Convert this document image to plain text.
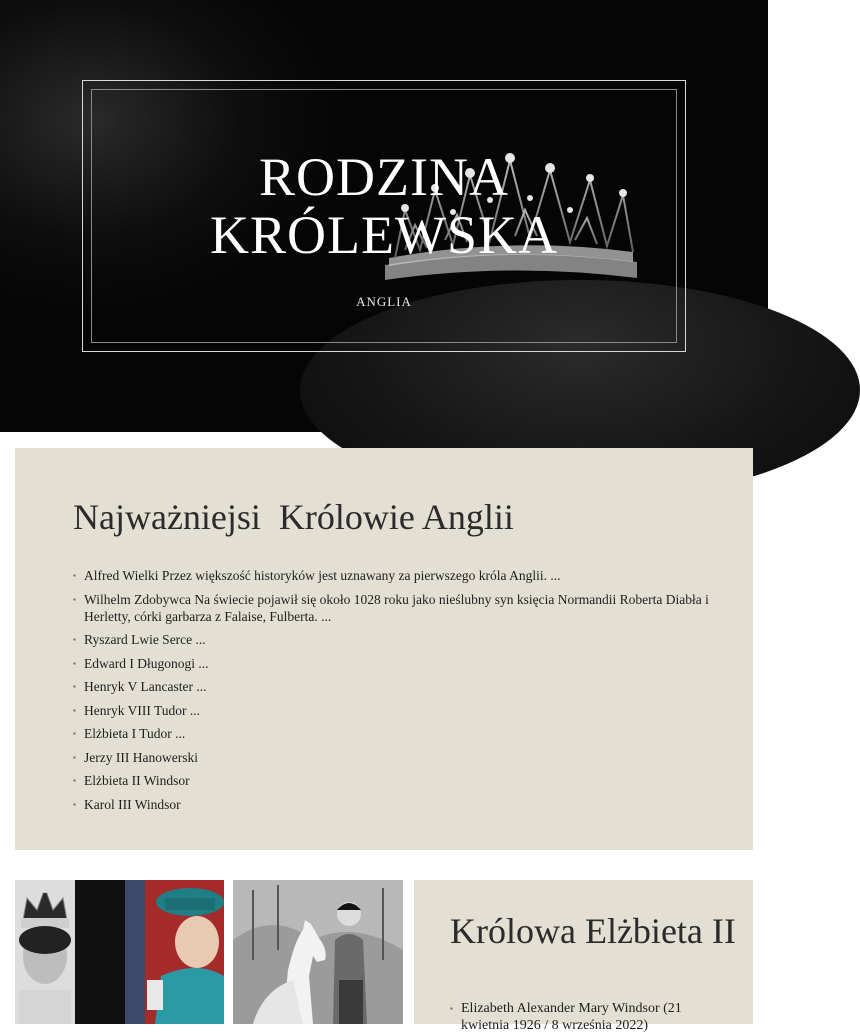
RODZINA
KRÓLEWSKA
ANGLIA
Najważniejsi  Królowie Anglii
▪ Alfred Wielki Przez większość historyków jest uznawany za pierwszego króla Anglii. ...
▪ Wilhelm Zdobywca Na świecie pojawił się około 1028 roku jako nieślubny syn księcia Normandii Roberta Diabła i Herletty, córki garbarza z Falaise, Fulberta. ...
▪ Ryszard Lwie Serce ...
▪ Edward I Długonogi ...
▪ Henryk V Lancaster ...
▪ Henryk VIII Tudor ...
▪ Elżbieta I Tudor ...
▪ Jerzy III Hanowerski
▪ Elżbieta II Windsor
▪ Karol III Windsor
Królowa Elżbieta II
▪ Elizabeth Alexander Mary Windsor (21 kwietnia 1926 / 8 września 2022)
